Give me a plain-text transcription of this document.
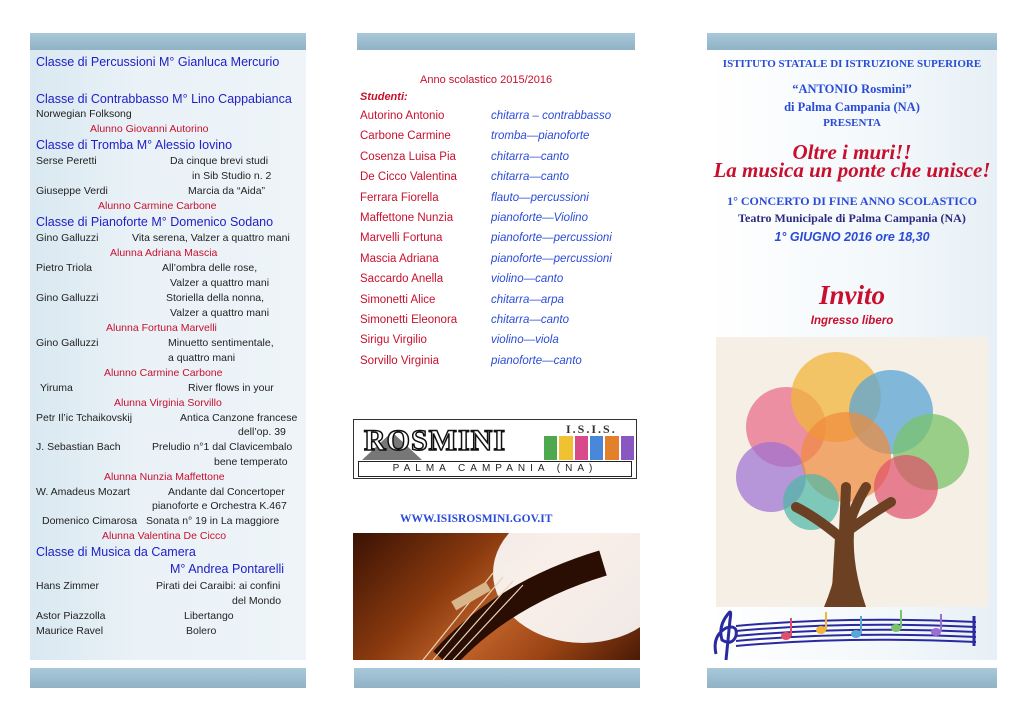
Classe di Percussioni M° Gianluca Mercurio
Classe di Contrabbasso M° Lino Cappabianca
Norwegian Folksong
Alunno Giovanni Autorino
Classe di Tromba M° Alessio Iovino
Serse Peretti	Da cinque brevi studi
in Sib Studio n. 2
Giuseppe Verdi	Marcia da “Aida”
Alunno Carmine Carbone
Classe di Pianoforte M° Domenico Sodano
Gino Galluzzi	Vita serena, Valzer a quattro mani
Alunna Adriana Mascia
Pietro Triola	All’ombra delle rose,
Valzer a quattro mani
Gino Galluzzi	Storiella della nonna,
Valzer a quattro mani
Alunna Fortuna Marvelli
Gino Galluzzi	Minuetto sentimentale,
a quattro mani
Alunno Carmine Carbone
Yiruma	River flows in your
Alunna Virginia Sorvillo
Petr Il’ic Tchaikovskij	Antica Canzone francese
dell’op. 39
J. Sebastian Bach	Preludio n°1 dal Clavicembalo
bene temperato
Alunna Nunzia Maffettone
W. Amadeus Mozart	Andante dal Concertoper
pianoforte e Orchestra K.467
Domenico Cimarosa Sonata n° 19 in La maggiore
Alunna Valentina De Cicco
Classe di Musica da Camera
M° Andrea Pontarelli
Hans Zimmer	Pirati dei Caraibi: ai confini
del Mondo
Astor Piazzolla	Libertango
Maurice Ravel	Bolero
Anno scolastico 2015/2016
Studenti:
Autorino Antonio	chitarra – contrabbasso
Carbone Carmine	tromba—pianoforte
Cosenza Luisa Pia	chitarra—canto
De Cicco Valentina	chitarra—canto
Ferrara Fiorella	flauto—percussioni
Maffettone Nunzia	pianoforte—Violino
Marvelli Fortuna	pianoforte—percussioni
Mascia Adriana	pianoforte—percussioni
Saccardo Anella	violino—canto
Simonetti Alice	chitarra—arpa
Simonetti Eleonora	chitarra—canto
Sirigu Virgilio	violino—viola
Sorvillo Virginia	pianoforte—canto
ROSMINI	I.S.I.S.
PALMA CAMPANIA (NA)
WWW.ISISROSMINI.GOV.IT
ISTITUTO STATALE DI ISTRUZIONE SUPERIORE
“ANTONIO Rosmini”
di Palma Campania (NA)
PRESENTA
Oltre i muri!!
La musica un ponte che unisce!
1° CONCERTO DI FINE ANNO SCOLASTICO
Teatro Municipale di Palma Campania (NA)
1° GIUGNO 2016 ore 18,30
Invito
Ingresso libero
